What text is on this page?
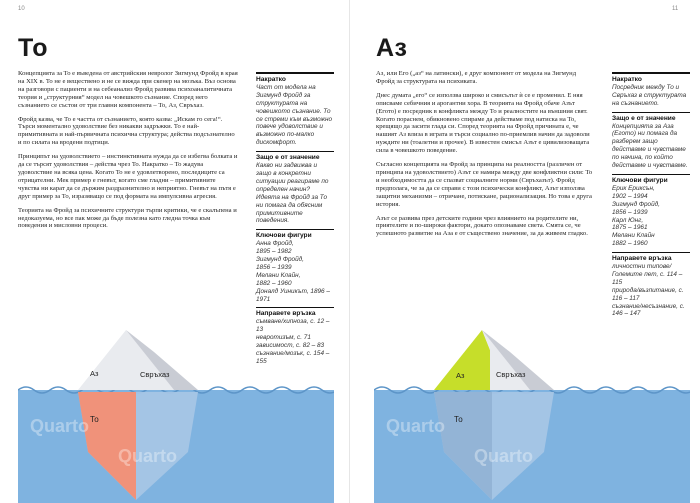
10
То

Концепцията за То е въведена от австрийския невролог Зигмунд Фройд в края на XIX в. То не е веществено и не се вижда при скенер на мозъка. Въз основа на разговори с пациенти и на себеанализ Фройд развива психоаналитичната теория и „структурния“ модел на човешкото съзнание. Според него съзнанието се състои от три главни компонента – То, Аз, Свръхаз.

Фройд казва, че То е частта от съзнанието, която казва: „Искам го сега!“. Търси моментално удоволствие без никакви задръжки. То е най-примитивната и най-първичната психична структура; действа подсъзнателно и по силата на вродени подтици.

Принципът на удоволствието – инстинктивната нужда да се избегва болката и да се търсят удоволствия – действа чрез То. Накратко – То жадува удоволствие на всяка цена. Когато То не е удовлетворено, последиците са отрицателни. Мек пример е гневът, когато сме гладни – примитивните чувства ни карат да се държим раздразнително и неприятно. Гневът на пътя е друг пример за То, изразяващо се под формата на импулсивна агресия.

Теорията на Фройд за психичните структури търпи критики, че е скалъпена и недоказуема, но все пак може да бъде полезна като гледна точка към поведения и мисловни процеси.

Накратко
Част от модела на Зигмунд Фройд за структурата на човешкото съзнание. То се стреми към възможно повече удоволствие и възможно по-малко дискомфорт.
Защо е от значение
Какво ни задвижва и защо в конкретни ситуации реагираме по определен начин? Идеята на Фройд за То ни помага да обясним примитивните поведения.
Ключови фигури
Анна Фройд,
1895 – 1982
Зигмунд Фройд,
1856 – 1939
Мелани Клайн,
1882 – 1960
Доналд Уиникът, 1896 – 1971
Направете връзка
съмване/хипноза, с. 12 – 13
невротизъм, с. 71
зависимост, с. 82 – 83
съзнание/мозък, с. 154 – 155
Аз	Свръхаз
То
Quarto
Quarto
11
Аз

Аз, или Его („аз“ на латински), е друг компонент от модела на Зигмунд Фройд за структурата на психиката.

Днес думата „его“ се използва широко и смисълът ѝ се е променил. Е няя описваме себичния и арогантни хора. В теорията на Фройд обаче Азът (Егото) е посредник в конфликта между То и реалностите на външния свят. Когато пораснем, обикновено спираме да действаме под натиска на То, крещящо да засити глада си. Според теорията на Фройд причината е, че нашият Аз влиза в играта и търси социално по-приемлив начин да задоволи нуждите ни (тоалетни и прочее). В известен смисъл Азът е цивилизоващата сила в човешкото поведение.

Съгласно концепцията на Фройд за принципа на реалността (различен от принципа на удоволствието) Азът се намира между две конфликтни сили: То и необходимостта да се спазват социалните норми (Свръхазът). Фройд предполага, че за да се справи с този психически конфликт, Азът използва защитни механизми – отричане, потискане, рационализация. Но това е друга история.

Азът се развива през детските години чрез влиянието на родителите ни, приятелите и по-широки фактори, докато опознаваме света. Смята се, че успешното развитие на Аза е от съществено значение, за да живеем гладко.

Накратко
Посредник между То и Свръхаз в структурата на съзнанието.
Защо е от значение
Концепцията за Аза (Егото) ни помага да разберем защо действаме и чувстваме по начина, по който действаме и чувстваме.
Ключови фигури
Ерик Ериксън,
1902 – 1994
Зигмунд Фройд,
1856 – 1939
Карл Юнг,
1875 – 1961
Мелани Клайн
1882 – 1960
Направете връзка
личностни типове/
Големите пет, с. 114 – 115
природа/възпитание, с. 116 – 117
съзнание/несъзнание, с. 146 – 147
Аз	Свръхаз
То
Quarto
Quarto
